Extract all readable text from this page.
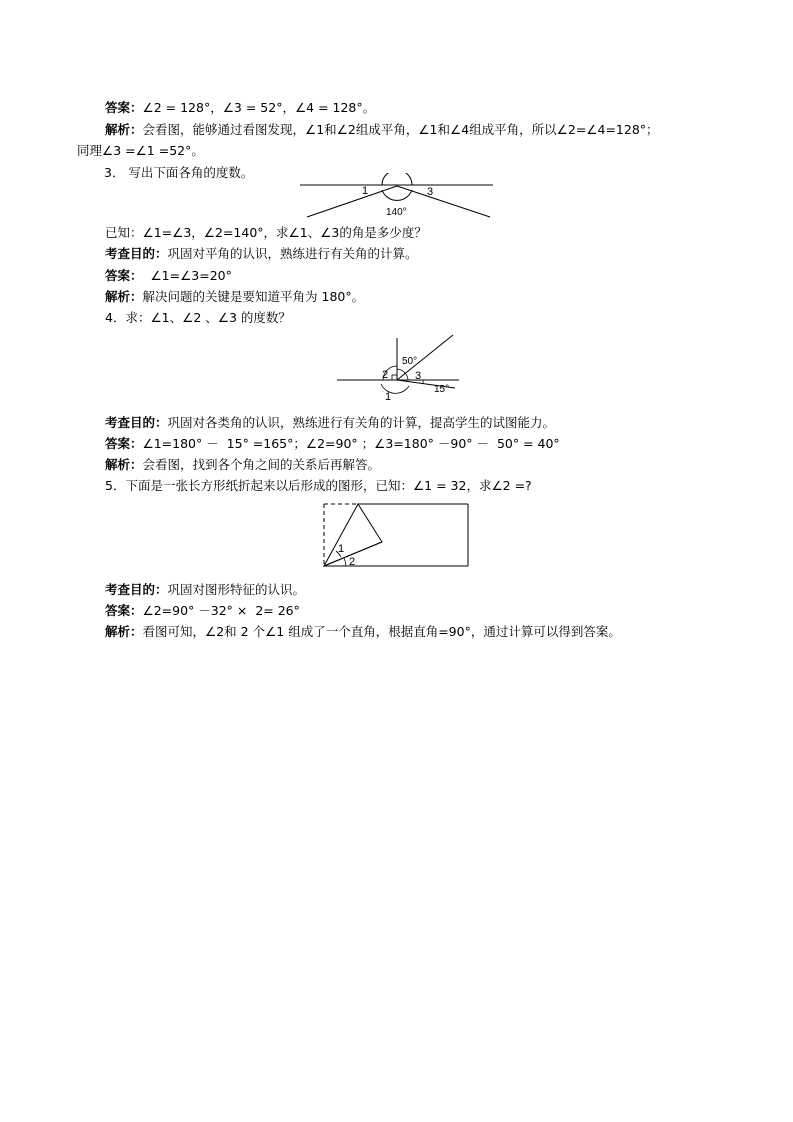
答案：∠2 = 128°，∠3 = 52°，∠4 = 128°。
解析：会看图，能够通过看图发现，∠1和∠2组成平角，∠1和∠4组成平角，所以∠2=∠4=128°；
同理∠3 =∠1 =52°。
3． 写出下面各角的度数。
1	3
140°
已知：∠1=∠3，∠2=140°，求∠1、∠3的角是多少度？
考查目的：巩固对平角的认识，熟练进行有关角的计算。
答案：  ∠1=∠3=20°
解析：解决问题的关键是要知道平角为 180°。
4．求：∠1、∠2 、∠3 的度数？
50°
2 3
15°
1
考查目的：巩固对各类角的认识，熟练进行有关角的计算，提高学生的试图能力。
答案：∠1=180° －  15° =165°；∠2=90° ；∠3=180° －90° －  50° = 40°
解析：会看图，找到各个角之间的关系后再解答。
5．下面是一张长方形纸折起来以后形成的图形，已知：∠1 = 32，求∠2 =?
1
2
考查目的：巩固对图形特征的认识。
答案：∠2=90° －32° ×  2= 26°
解析：看图可知，∠2和 2 个∠1 组成了一个直角，根据直角=90°，通过计算可以得到答案。
